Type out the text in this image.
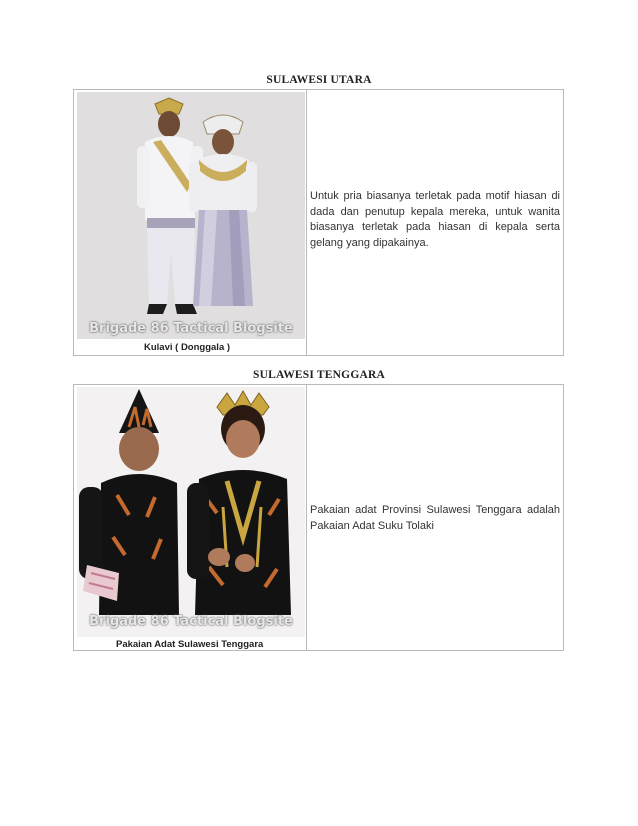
SULAWESI UTARA
Brigade 86 Tactical Blogsite
Kulavi ( Donggala )
Untuk pria biasanya terletak pada motif hiasan di dada dan penutup kepala mereka, untuk wanita biasanya terletak pada hiasan di kepala serta gelang yang dipakainya.
SULAWESI TENGGARA
Brigade 86 Tactical Blogsite
Pakaian Adat Sulawesi Tenggara
Pakaian adat Provinsi Sulawesi Tenggara adalah Pakaian Adat Suku Tolaki
